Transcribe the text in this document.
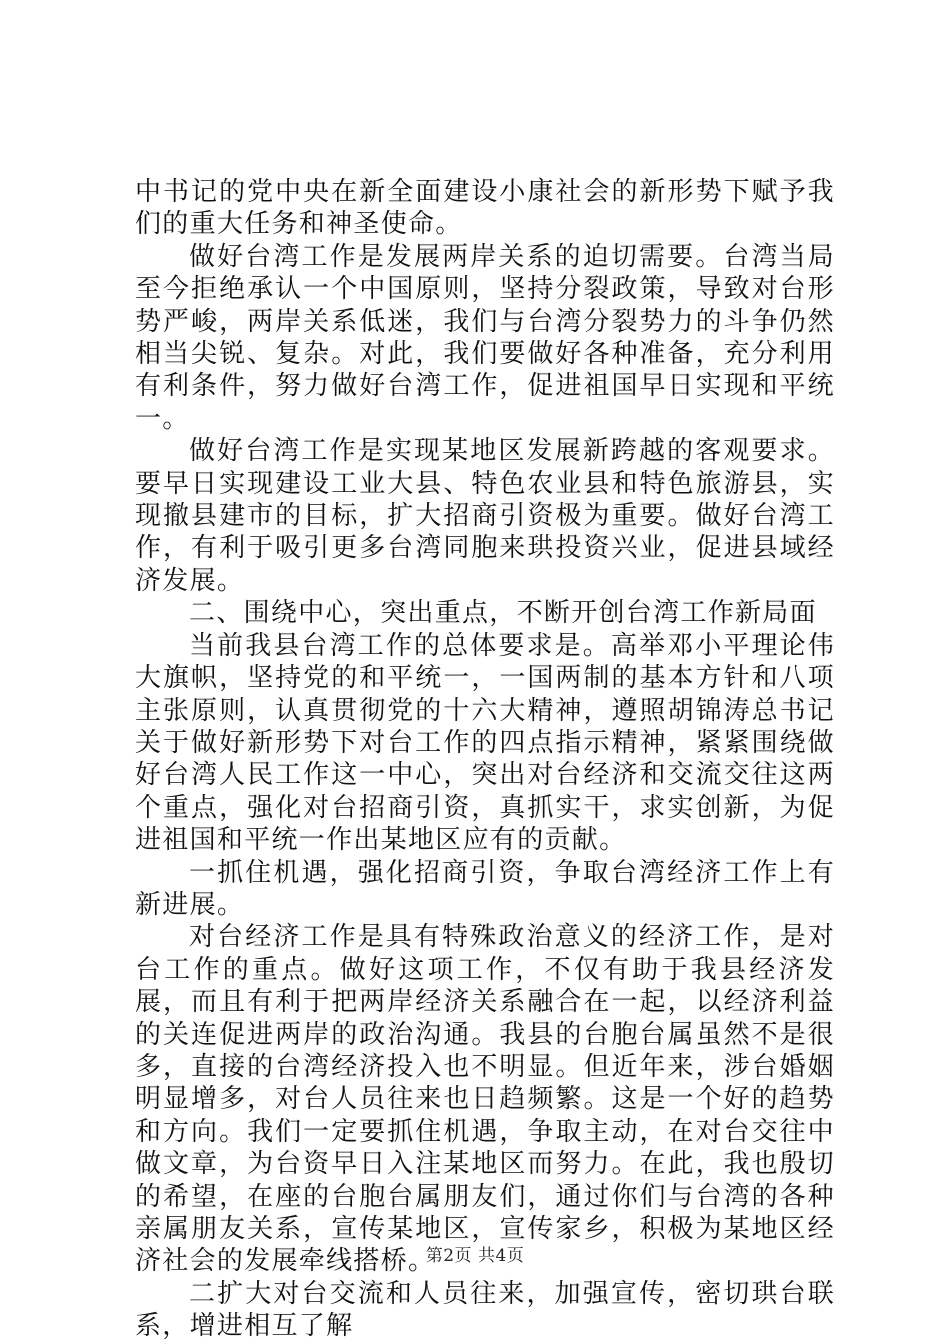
中书记的党中央在新全面建设小康社会的新形势下赋予我们的重大任务和神圣使命。

做好台湾工作是发展两岸关系的迫切需要。台湾当局至今拒绝承认一个中国原则，坚持分裂政策，导致对台形势严峻，两岸关系低迷，我们与台湾分裂势力的斗争仍然相当尖锐、复杂。对此，我们要做好各种准备，充分利用有利条件，努力做好台湾工作，促进祖国早日实现和平统一。

做好台湾工作是实现某地区发展新跨越的客观要求。要早日实现建设工业大县、特色农业县和特色旅游县，实现撤县建市的目标，扩大招商引资极为重要。做好台湾工作，有利于吸引更多台湾同胞来珙投资兴业，促进县域经济发展。

二、围绕中心，突出重点，不断开创台湾工作新局面

当前我县台湾工作的总体要求是。高举邓小平理论伟大旗帜，坚持党的和平统一，一国两制的基本方针和八项主张原则，认真贯彻党的十六大精神，遵照胡锦涛总书记关于做好新形势下对台工作的四点指示精神，紧紧围绕做好台湾人民工作这一中心，突出对台经济和交流交往这两个重点，强化对台招商引资，真抓实干，求实创新，为促进祖国和平统一作出某地区应有的贡献。

一抓住机遇，强化招商引资，争取台湾经济工作上有新进展。

对台经济工作是具有特殊政治意义的经济工作，是对台工作的重点。做好这项工作，不仅有助于我县经济发展，而且有利于把两岸经济关系融合在一起，以经济利益的关连促进两岸的政治沟通。我县的台胞台属虽然不是很多，直接的台湾经济投入也不明显。但近年来，涉台婚姻明显增多，对台人员往来也日趋频繁。这是一个好的趋势和方向。我们一定要抓住机遇，争取主动，在对台交往中做文章，为台资早日入注某地区而努力。在此，我也殷切的希望，在座的台胞台属朋友们，通过你们与台湾的各种亲属朋友关系，宣传某地区，宣传家乡，积极为某地区经济社会的发展牵线搭桥。

二扩大对台交流和人员往来，加强宣传，密切珙台联系，增进相互了解

第2页 共4页
